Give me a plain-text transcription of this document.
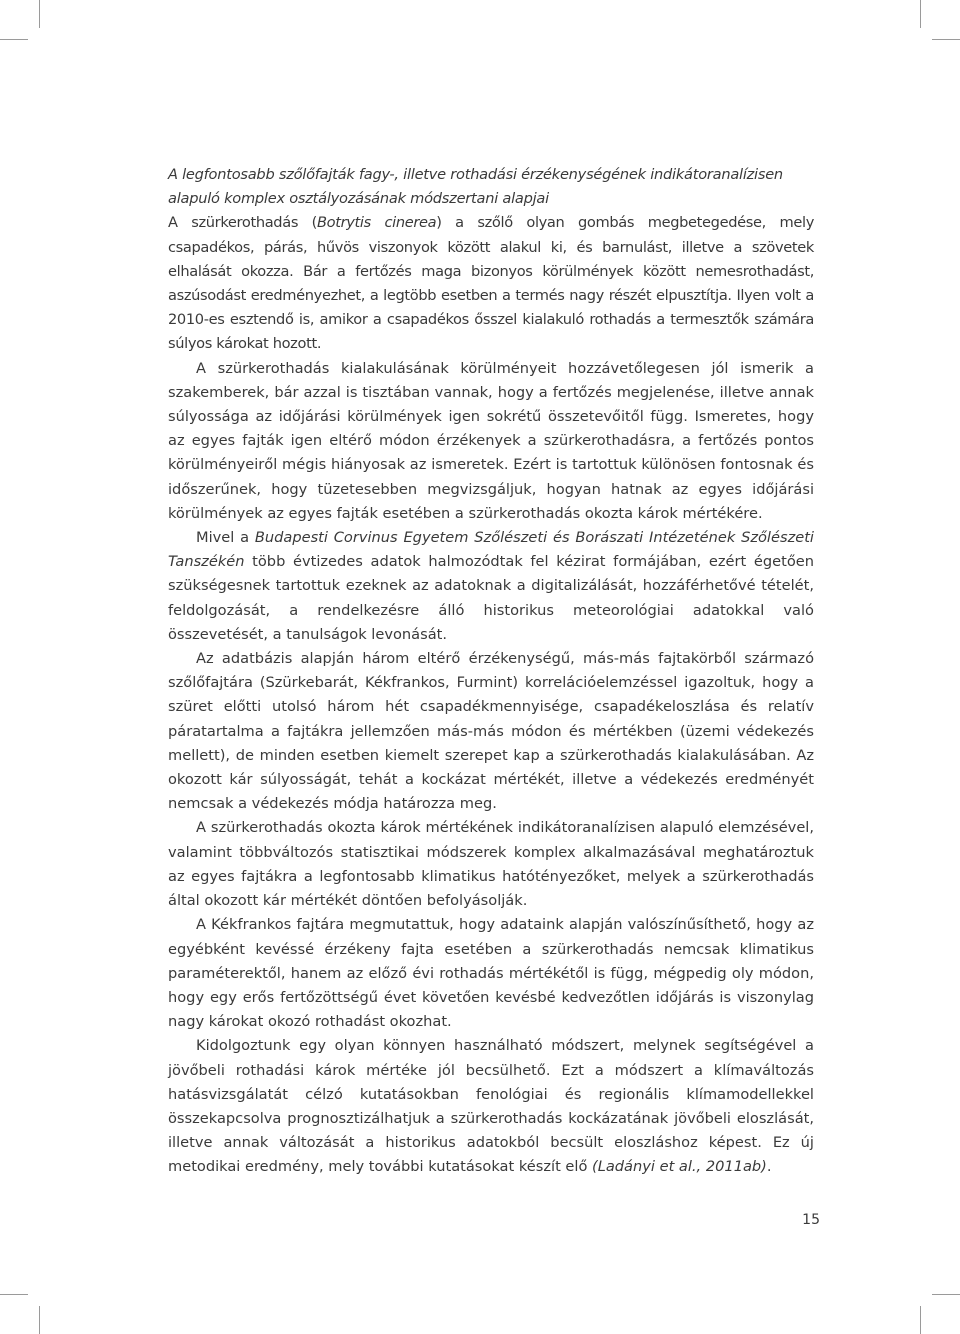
A legfontosabb szőlőfajták fagy-, illetve rothadási érzékenységének indikátoranalízisen alapuló komplex osztályozásának módszertani alapjai

A szürkerothadás (Botrytis cinerea) a szőlő olyan gombás megbetegedése, mely csapadékos, párás, hűvös viszonyok között alakul ki, és barnulást, illetve a szövetek elhalását okozza. Bár a fertőzés maga bizonyos körülmények között nemesrothadást, aszúsodást eredményezhet, a legtöbb esetben a termés nagy részét elpusztítja. Ilyen volt a 2010-es esztendő is, amikor a csapadékos ősszel kialakuló rothadás a termesztők számára súlyos károkat hozott.

A szürkerothadás kialakulásának körülményeit hozzávetőlegesen jól ismerik a szakemberek, bár azzal is tisztában vannak, hogy a fertőzés megjelenése, illetve annak súlyossága az időjárási körülmények igen sokrétű összetevőitől függ. Ismeretes, hogy az egyes fajták igen eltérő módon érzékenyek a szürkerothadásra, a fertőzés pontos körülményeiről mégis hiányosak az ismeretek. Ezért is tartottuk különösen fontosnak és időszerűnek, hogy tüzetesebben megvizsgáljuk, hogyan hatnak az egyes időjárási körülmények az egyes fajták esetében a szürkerothadás okozta károk mértékére.

Mivel a Budapesti Corvinus Egyetem Szőlészeti és Borászati Intézetének Szőlészeti Tanszékén több évtizedes adatok halmozódtak fel kézirat formájában, ezért égetően szükségesnek tartottuk ezeknek az adatoknak a digitalizálását, hozzáférhetővé tételét, feldolgozását, a rendelkezésre álló historikus meteorológiai adatokkal való összevetését, a tanulságok levonását.

Az adatbázis alapján három eltérő érzékenységű, más-más fajtakörből származó szőlőfajtára (Szürkebarát, Kékfrankos, Furmint) korrelációelemzéssel igazoltuk, hogy a szüret előtti utolsó három hét csapadékmennyisége, csapadékeloszlása és relatív páratartalma a fajtákra jellemzően más-más módon és mértékben (üzemi védekezés mellett), de minden esetben kiemelt szerepet kap a szürkerothadás kialakulásában. Az okozott kár súlyosságát, tehát a kockázat mértékét, illetve a védekezés eredményét nemcsak a védekezés módja határozza meg.

A szürkerothadás okozta károk mértékének indikátoranalízisen alapuló elemzésével, valamint többváltozós statisztikai módszerek komplex alkalmazásával meghatároztuk az egyes fajtákra a legfontosabb klimatikus hatótényezőket, melyek a szürkerothadás által okozott kár mértékét döntően befolyásolják.

A Kékfrankos fajtára megmutattuk, hogy adataink alapján valószínűsíthető, hogy az egyébként kevéssé érzékeny fajta esetében a szürkerothadás nemcsak klimatikus paraméterektől, hanem az előző évi rothadás mértékétől is függ, mégpedig oly módon, hogy egy erős fertőzöttségű évet követően kevésbé kedvezőtlen időjárás is viszonylag nagy károkat okozó rothadást okozhat.

Kidolgoztunk egy olyan könnyen használható módszert, melynek segítségével a jövőbeli rothadási károk mértéke jól becsülhető. Ezt a módszert a klímaváltozás hatásvizsgálatát célzó kutatásokban fenológiai és regionális klímamodellekkel összekapcsolva prognosztizálhatjuk a szürkerothadás kockázatának jövőbeli eloszlását, illetve annak változását a historikus adatokból becsült eloszláshoz képest. Ez új metodikai eredmény, mely további kutatásokat készít elő (Ladányi et al., 2011ab).

15
